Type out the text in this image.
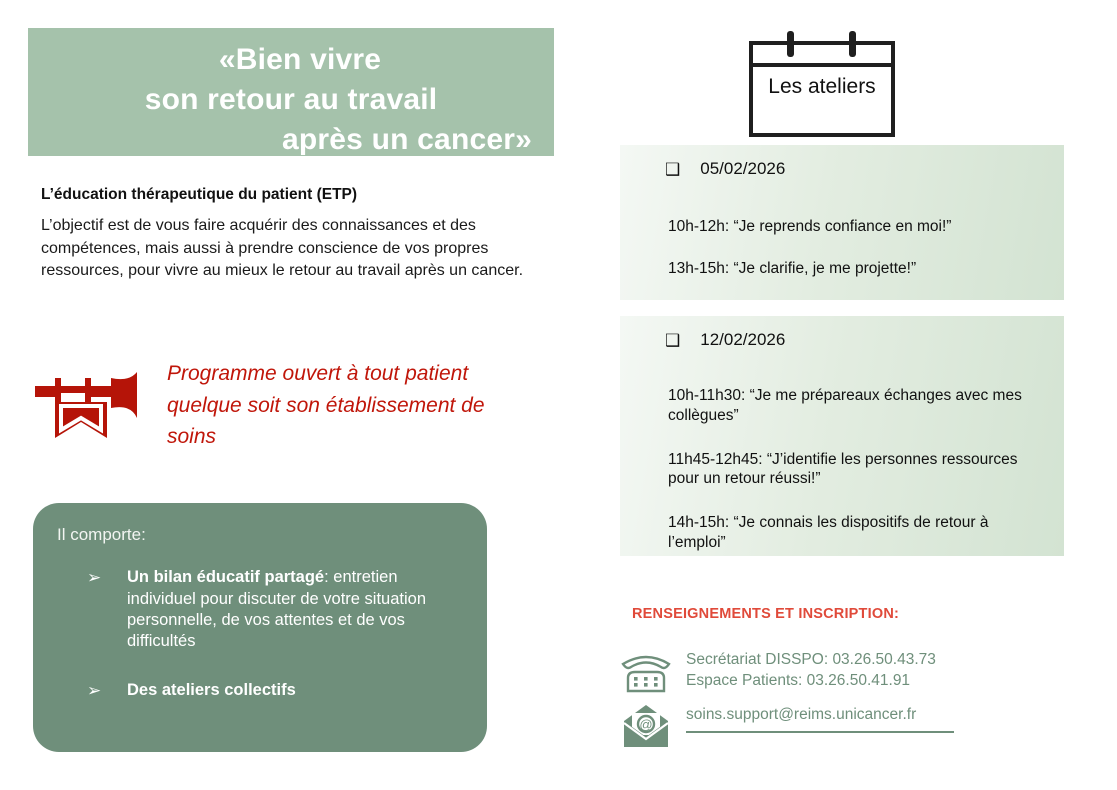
«Bien vivre
son retour au travail
après un cancer»
L’éducation thérapeutique du patient (ETP)
L’objectif est de vous faire acquérir des connaissances et des compétences, mais aussi à prendre conscience de vos propres ressources, pour vivre au mieux le retour au travail après un cancer.
Programme ouvert à tout patient quelque soit son établissement de soins
Il comporte:
➢	Un bilan éducatif partagé: entretien individuel pour discuter de votre situation personnelle, de vos attentes et de vos difficultés
➢	Des ateliers collectifs
Les ateliers
❑ 05/02/2026
10h-12h: “Je reprends confiance en moi!”
13h-15h: “Je clarifie, je me projette!”
❑ 12/02/2026
10h-11h30: “Je me prépareaux échanges avec mes collègues”
11h45-12h45: “J’identifie les personnes ressources pour un retour réussi!”
14h-15h: “Je connais les dispositifs de retour à l’emploi”
RENSEIGNEMENTS ET INSCRIPTION:
Secrétariat DISSPO: 03.26.50.43.73
Espace Patients: 03.26.50.41.91
@
soins.support@reims.unicancer.fr
